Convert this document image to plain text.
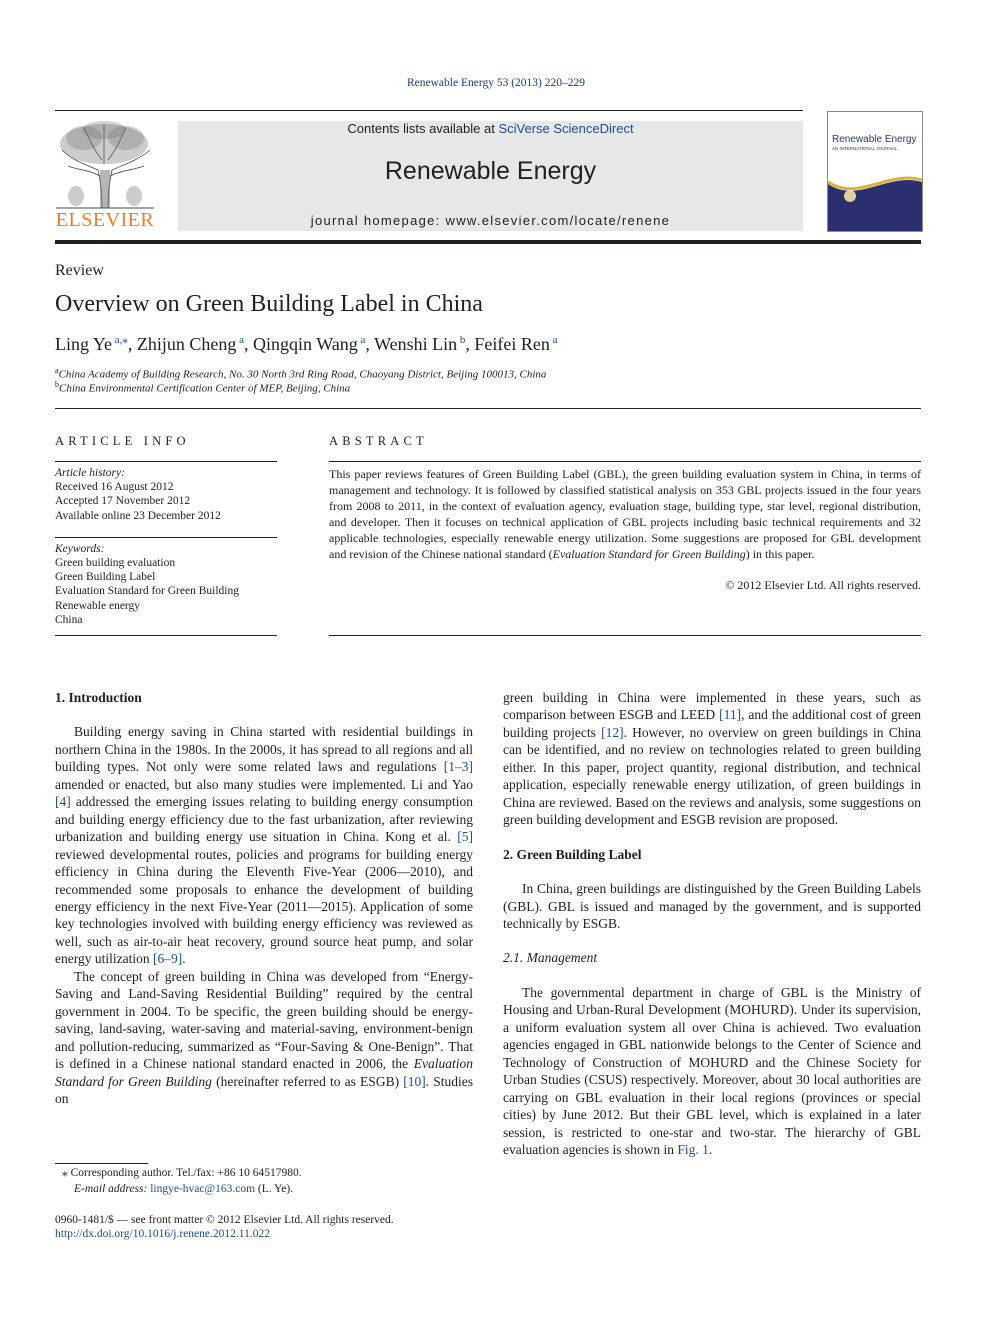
Renewable Energy 53 (2013) 220–229
ELSEVIER
Contents lists available at SciVerse ScienceDirect
Renewable Energy
journal homepage: www.elsevier.com/locate/renene
Renewable Energy
AN INTERNATIONAL JOURNAL
Review
Overview on Green Building Label in China
Ling Ye $^{a,⁎}$, Zhijun Cheng $^a$, Qingqin Wang $^a$, Wenshi Lin $^b$, Feifei Ren $^a$
$^a$China Academy of Building Research, No. 30 North 3rd Ring Road, Chaoyang District, Beijing 100013, China
$^b$China Environmental Certification Center of MEP, Beijing, China
ARTICLE INFO
Article history:
Received 16 August 2012
Accepted 17 November 2012
Available online 23 December 2012
Keywords:
Green building evaluation
Green Building Label
Evaluation Standard for Green Building
Renewable energy
China
ABSTRACT
This paper reviews features of Green Building Label (GBL), the green building evaluation system in China, in terms of management and technology. It is followed by classified statistical analysis on 353 GBL projects issued in the four years from 2008 to 2011, in the context of evaluation agency, evaluation stage, building type, star level, regional distribution, and developer. Then it focuses on technical application of GBL projects including basic technical requirements and 32 applicable technologies, especially renewable energy utilization. Some suggestions are proposed for GBL development and revision of the Chinese national standard (Evaluation Standard for Green Building) in this paper.
© 2012 Elsevier Ltd. All rights reserved.

1. Introduction

Building energy saving in China started with residential buildings in northern China in the 1980s. In the 2000s, it has spread to all regions and all building types. Not only were some related laws and regulations [1–3] amended or enacted, but also many studies were implemented. Li and Yao [4] addressed the emerging issues relating to building energy consumption and building energy efficiency due to the fast urbanization, after reviewing urbanization and building energy use situation in China. Kong et al. [5] reviewed developmental routes, policies and programs for building energy efficiency in China during the Eleventh Five-Year (2006—2010), and recommended some proposals to enhance the development of building energy efficiency in the next Five-Year (2011—2015). Application of some key technologies involved with building energy efficiency was reviewed as well, such as air-to-air heat recovery, ground source heat pump, and solar energy utilization [6–9].

The concept of green building in China was developed from “Energy-Saving and Land-Saving Residential Building” required by the central government in 2004. To be specific, the green building should be energy-saving, land-saving, water-saving and material-saving, environment-benign and pollution-reducing, summarized as “Four-Saving & One-Benign”. That is defined in a Chinese national standard enacted in 2006, the Evaluation Standard for Green Building (hereinafter referred to as ESGB) [10]. Studies on

green building in China were implemented in these years, such as comparison between ESGB and LEED [11], and the additional cost of green building projects [12]. However, no overview on green buildings in China can be identified, and no review on technologies related to green building either. In this paper, project quantity, regional distribution, and technical application, especially renewable energy utilization, of green buildings in China are reviewed. Based on the reviews and analysis, some suggestions on green building development and ESGB revision are proposed.

2. Green Building Label

In China, green buildings are distinguished by the Green Building Labels (GBL). GBL is issued and managed by the government, and is supported technically by ESGB.

2.1. Management

The governmental department in charge of GBL is the Ministry of Housing and Urban-Rural Development (MOHURD). Under its supervision, a uniform evaluation system all over China is achieved. Two evaluation agencies engaged in GBL nationwide belongs to the Center of Science and Technology of Construction of MOHURD and the Chinese Society for Urban Studies (CSUS) respectively. Moreover, about 30 local authorities are carrying on GBL evaluation in their local regions (provinces or special cities) by June 2012. But their GBL level, which is explained in a later session, is restricted to one-star and two-star. The hierarchy of GBL evaluation agencies is shown in Fig. 1.

⁎ Corresponding author. Tel./fax: +86 10 64517980.
E-mail address: lingye-hvac@163.com (L. Ye).
0960-1481/$ — see front matter © 2012 Elsevier Ltd. All rights reserved.
http://dx.doi.org/10.1016/j.renene.2012.11.022
